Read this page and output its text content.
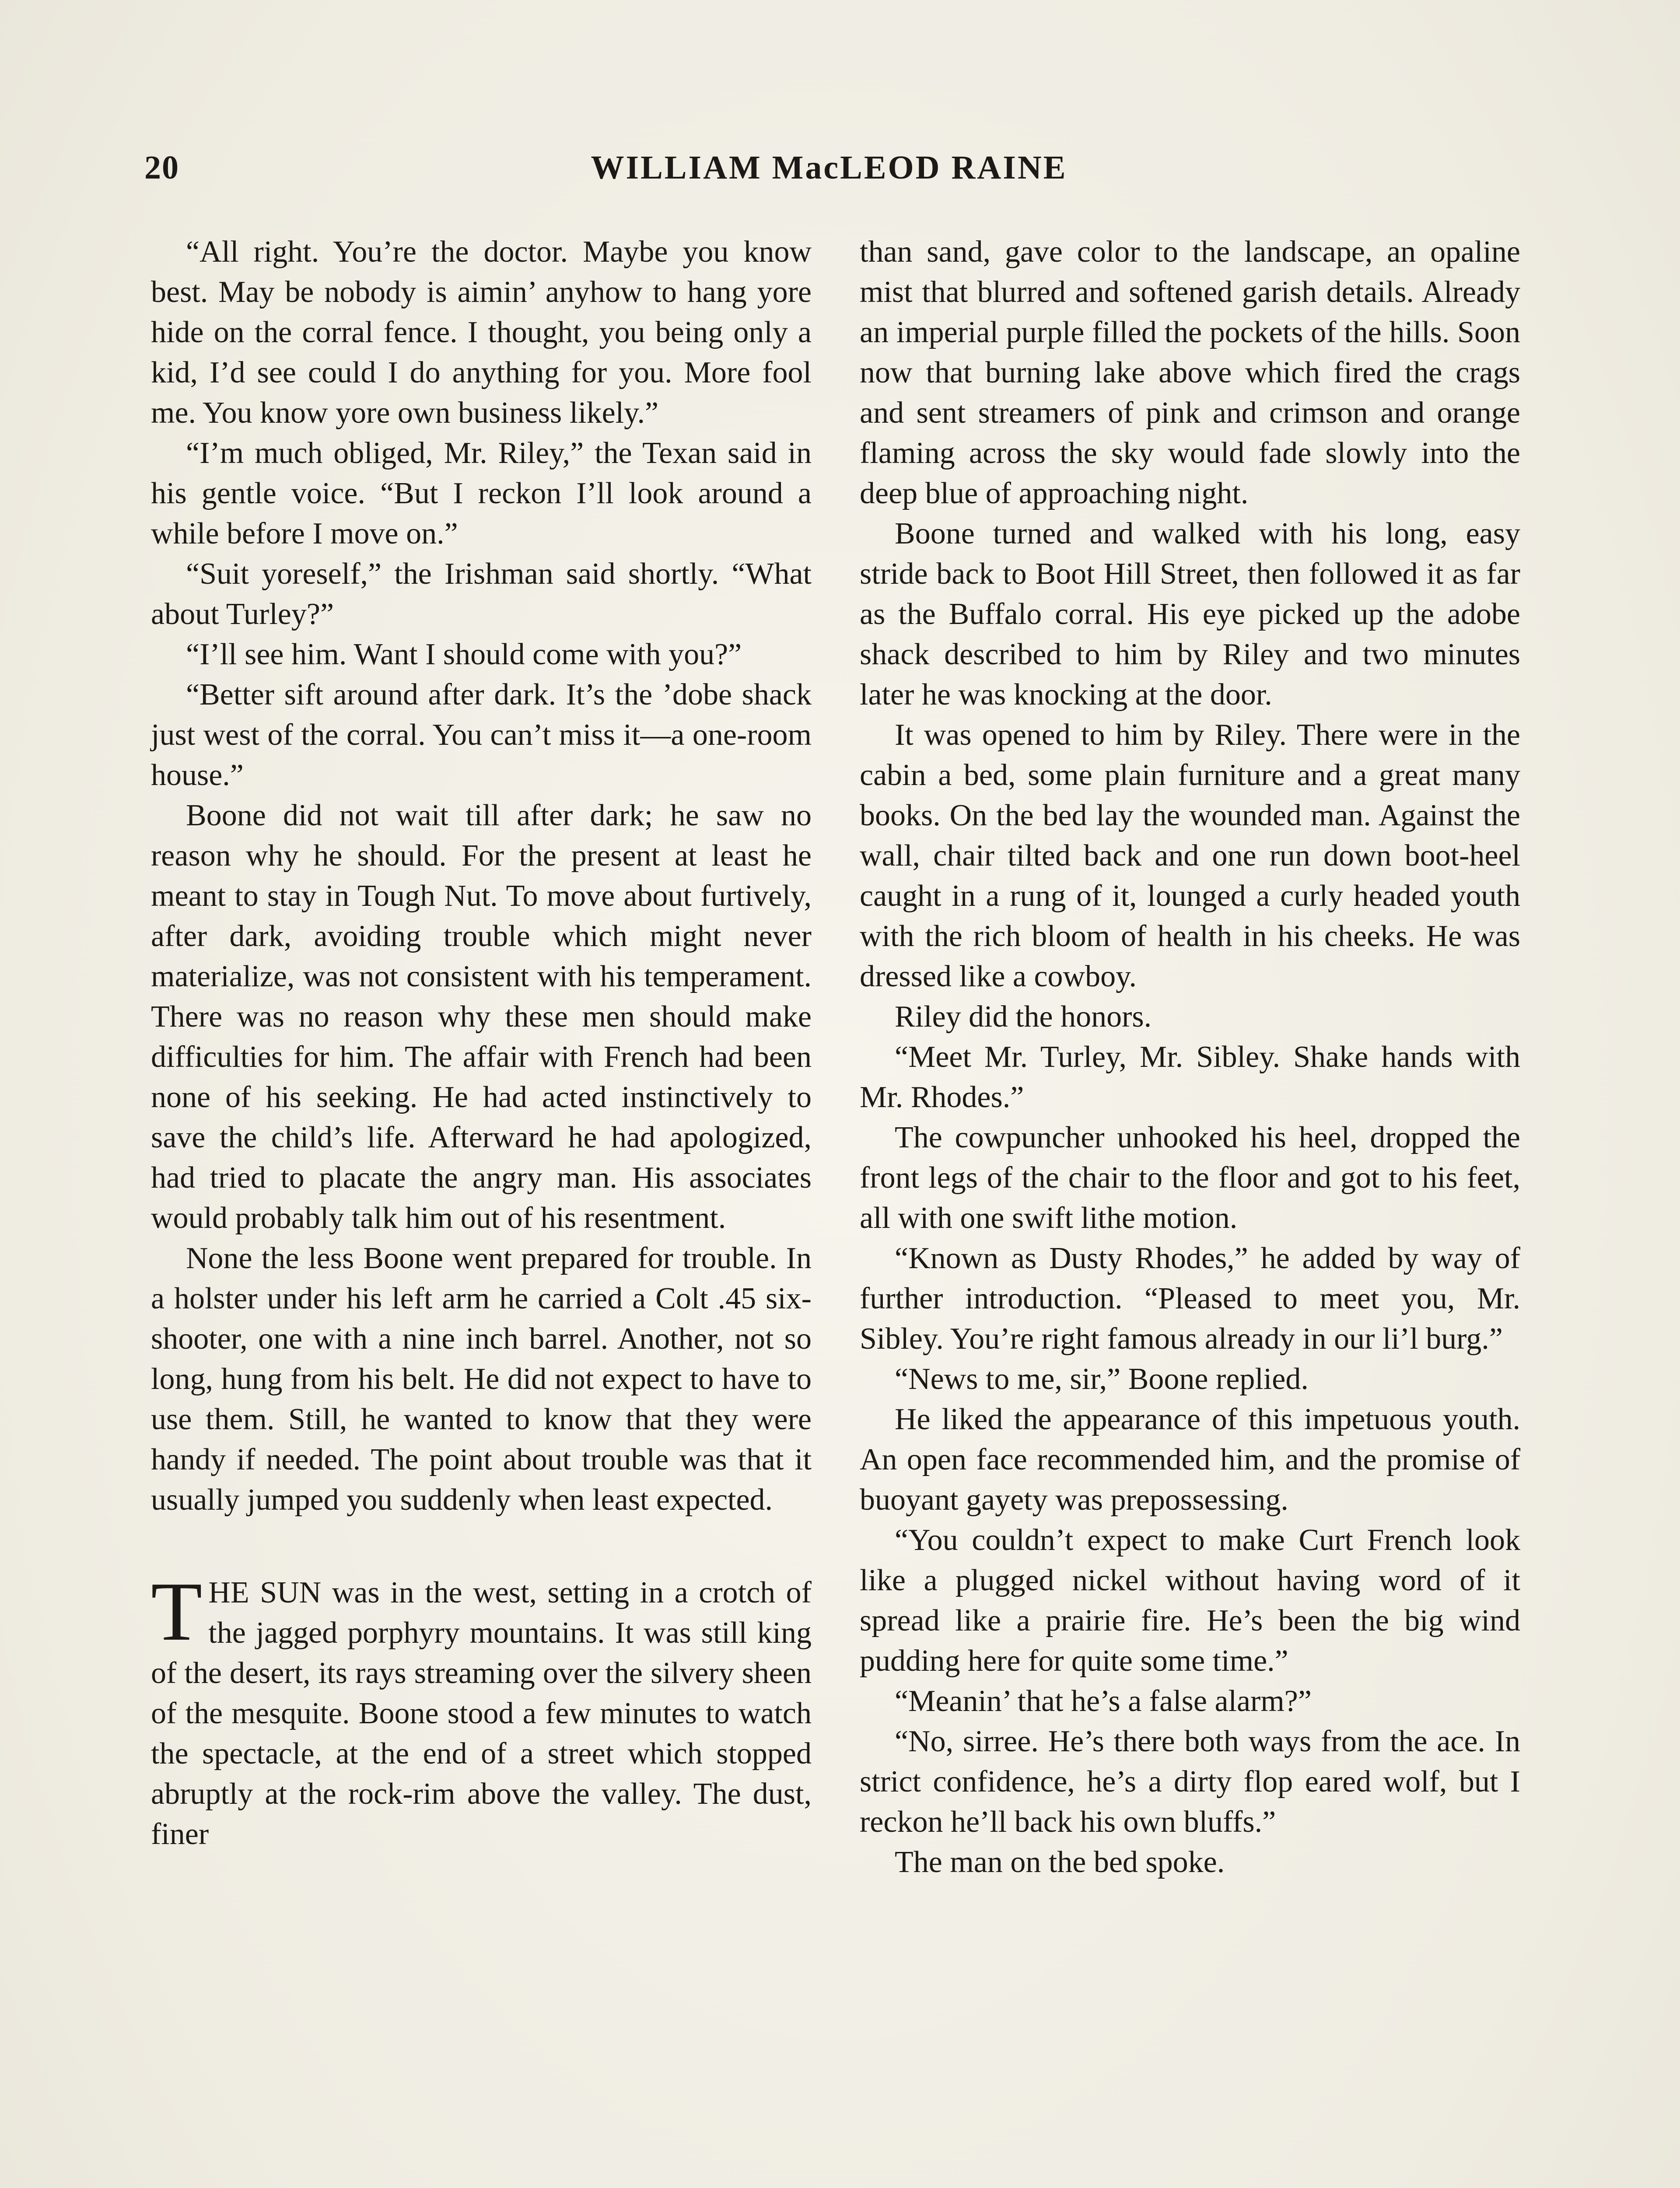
20	WILLIAM MacLEOD RAINE

“All right. You’re the doctor. Maybe you know best. May be nobody is aimin’ anyhow to hang yore hide on the corral fence. I thought, you being only a kid, I’d see could I do anything for you. More fool me. You know yore own business likely.”

“I’m much obliged, Mr. Riley,” the Texan said in his gentle voice. “But I reckon I’ll look around a while before I move on.”

“Suit yoreself,” the Irishman said shortly. “What about Turley?”

“I’ll see him. Want I should come with you?”

“Better sift around after dark. It’s the ’dobe shack just west of the corral. You can’t miss it—a one-room house.”

Boone did not wait till after dark; he saw no reason why he should. For the present at least he meant to stay in Tough Nut. To move about furtively, after dark, avoiding trouble which might never materialize, was not consistent with his temperament. There was no reason why these men should make difficulties for him. The affair with French had been none of his seeking. He had acted instinctively to save the child’s life. Afterward he had apologized, had tried to placate the angry man. His associates would probably talk him out of his resentment.

None the less Boone went prepared for trouble. In a holster under his left arm he carried a Colt .45 six-shooter, one with a nine inch barrel. Another, not so long, hung from his belt. He did not expect to have to use them. Still, he wanted to know that they were handy if needed. The point about trouble was that it usually jumped you suddenly when least expected.

THE SUN was in the west, setting in a crotch of the jagged porphyry mountains. It was still king of the desert, its rays streaming over the silvery sheen of the mesquite. Boone stood a few minutes to watch the spectacle, at the end of a street which stopped abruptly at the rock-rim above the valley. The dust, finer

than sand, gave color to the landscape, an opaline mist that blurred and softened garish details. Already an imperial purple filled the pockets of the hills. Soon now that burning lake above which fired the crags and sent streamers of pink and crimson and orange flaming across the sky would fade slowly into the deep blue of approaching night.

Boone turned and walked with his long, easy stride back to Boot Hill Street, then followed it as far as the Buffalo corral. His eye picked up the adobe shack described to him by Riley and two minutes later he was knocking at the door.

It was opened to him by Riley. There were in the cabin a bed, some plain furniture and a great many books. On the bed lay the wounded man. Against the wall, chair tilted back and one run down boot-heel caught in a rung of it, lounged a curly headed youth with the rich bloom of health in his cheeks. He was dressed like a cowboy.

Riley did the honors.

“Meet Mr. Turley, Mr. Sibley. Shake hands with Mr. Rhodes.”

The cowpuncher unhooked his heel, dropped the front legs of the chair to the floor and got to his feet, all with one swift lithe motion.

“Known as Dusty Rhodes,” he added by way of further introduction. “Pleased to meet you, Mr. Sibley. You’re right famous already in our li’l burg.”

“News to me, sir,” Boone replied.

He liked the appearance of this impetuous youth. An open face recommended him, and the promise of buoyant gayety was prepossessing.

“You couldn’t expect to make Curt French look like a plugged nickel without having word of it spread like a prairie fire. He’s been the big wind pudding here for quite some time.”

“Meanin’ that he’s a false alarm?”

“No, sirree. He’s there both ways from the ace. In strict confidence, he’s a dirty flop eared wolf, but I reckon he’ll back his own bluffs.”

The man on the bed spoke.
